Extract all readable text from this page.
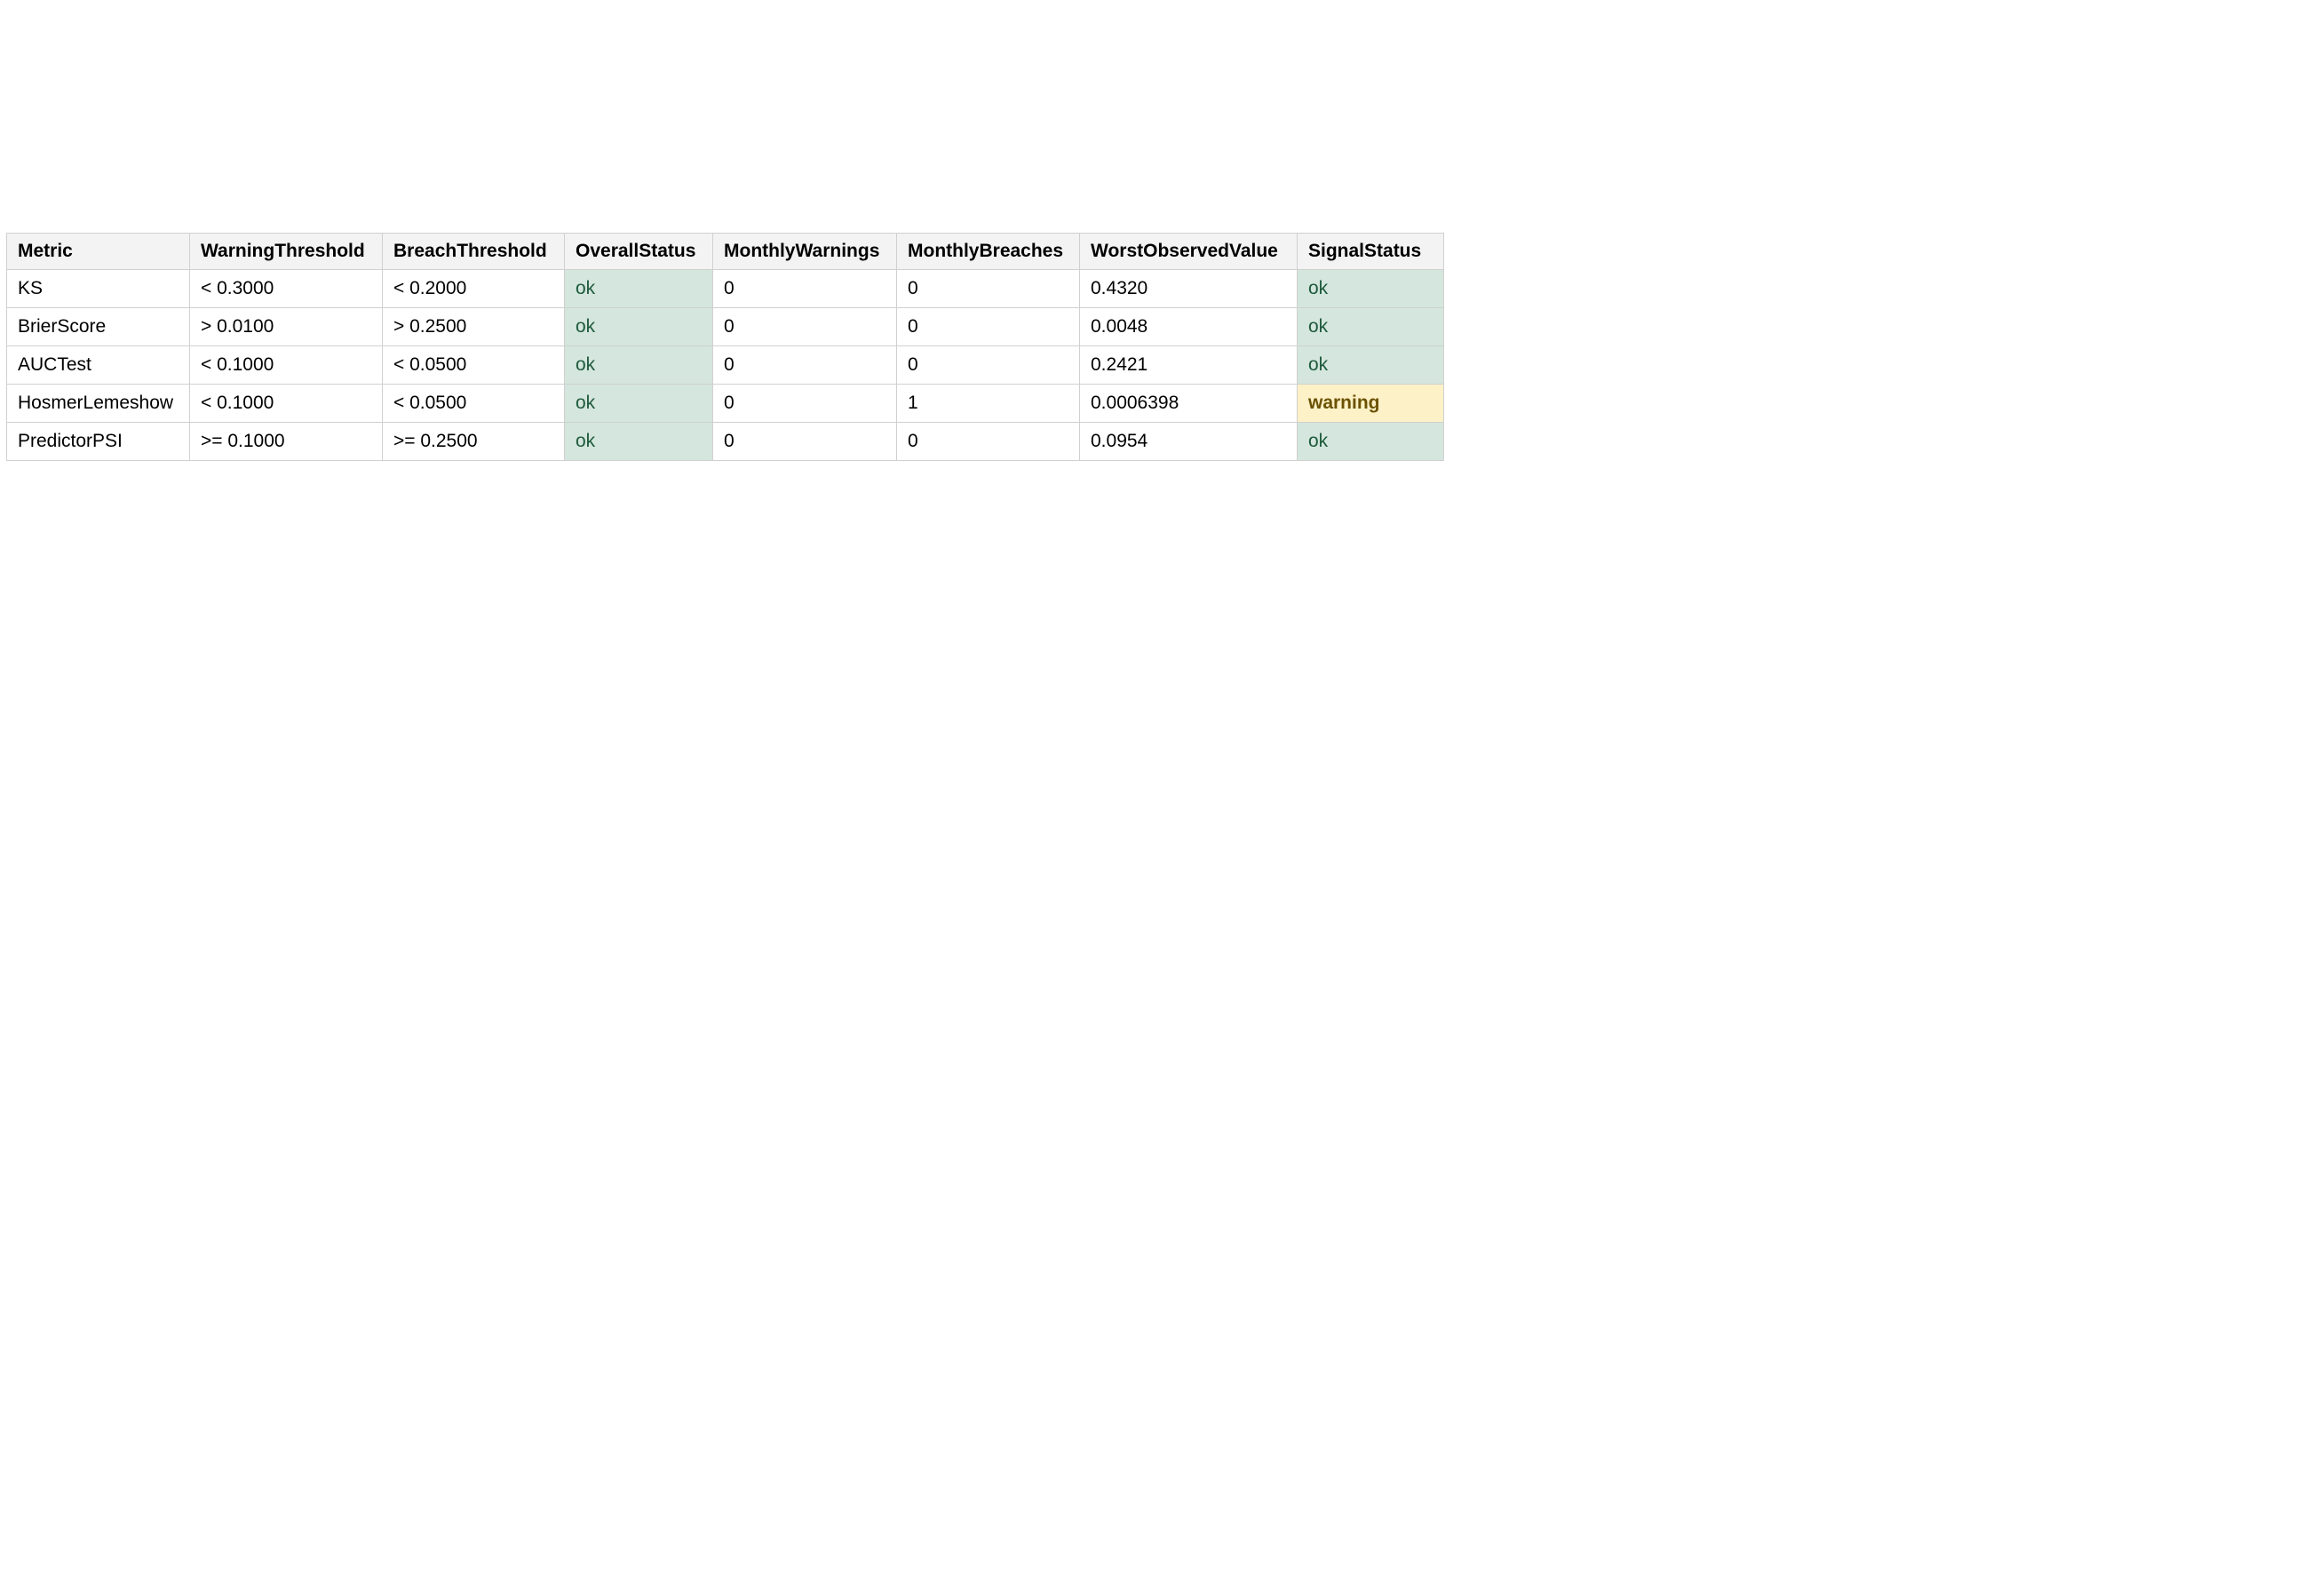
Metric	WarningThreshold	BreachThreshold	OverallStatus	MonthlyWarnings	MonthlyBreaches	WorstObservedValue	SignalStatus
KS	< 0.3000	< 0.2000	ok	0	0	0.4320	ok
BrierScore	> 0.0100	> 0.2500	ok	0	0	0.0048	ok
AUCTest	< 0.1000	< 0.0500	ok	0	0	0.2421	ok
HosmerLemeshow	< 0.1000	< 0.0500	ok	0	1	0.0006398	warning
PredictorPSI	>= 0.1000	>= 0.2500	ok	0	0	0.0954	ok
